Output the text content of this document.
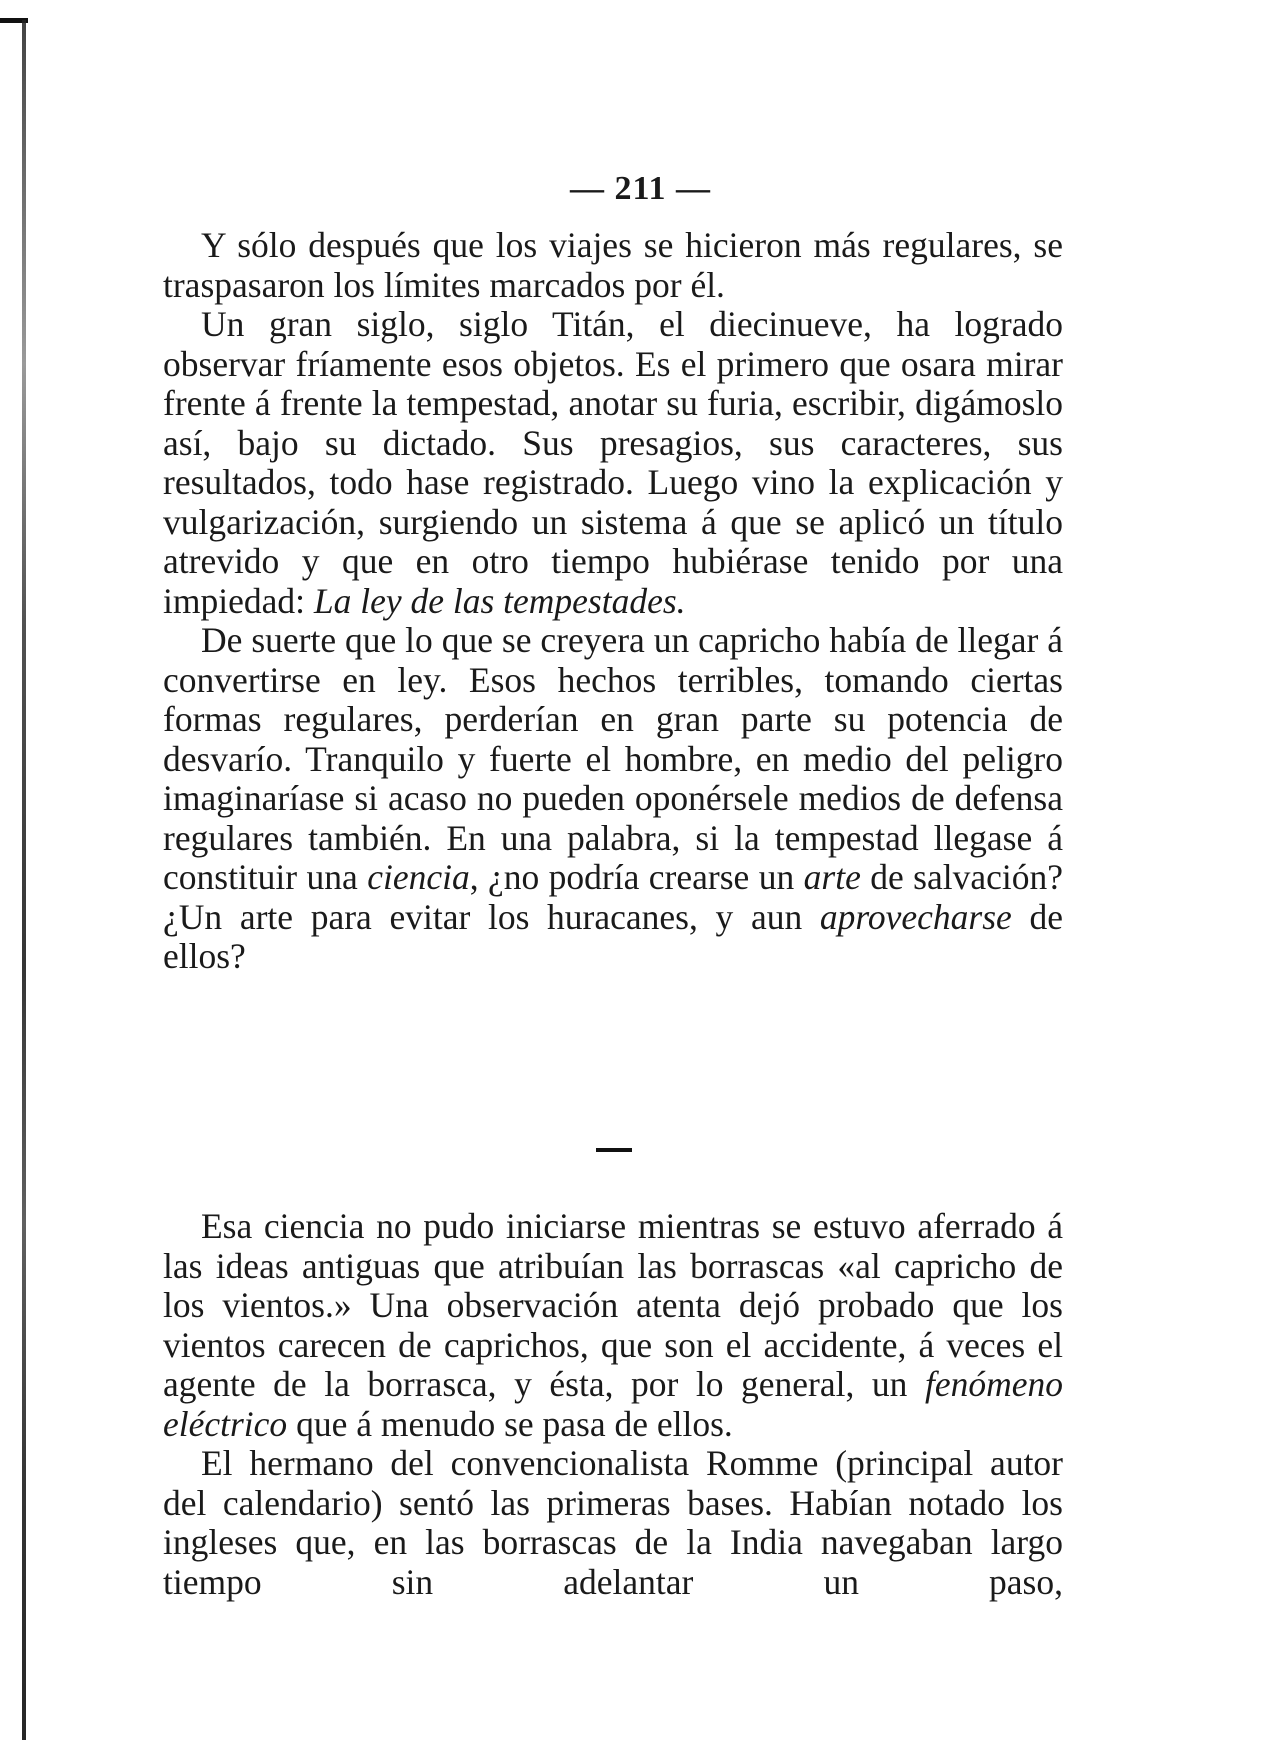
— 211 —

Y sólo después que los viajes se hicieron más regulares, se traspasaron los límites marcados por él.

Un gran siglo, siglo Titán, el diecinueve, ha logrado observar fríamente esos objetos. Es el primero que osara mirar frente á frente la tempestad, anotar su furia, escribir, digámoslo así, bajo su dictado. Sus presagios, sus caracteres, sus resultados, todo hase registrado. Luego vino la explicación y vulgarización, surgiendo un sistema á que se aplicó un título atrevido y que en otro tiempo hubiérase tenido por una impiedad: La ley de las tempestades.

De suerte que lo que se creyera un capricho había de llegar á convertirse en ley. Esos hechos terribles, tomando ciertas formas regulares, perderían en gran parte su potencia de desvarío. Tranquilo y fuerte el hombre, en medio del peligro imaginaríase si acaso no pueden oponérsele medios de defensa regulares también. En una palabra, si la tempestad llegase á constituir una ciencia, ¿no podría crearse un arte de salvación? ¿Un arte para evitar los huracanes, y aun aprovecharse de ellos?

Esa ciencia no pudo iniciarse mientras se estuvo aferrado á las ideas antiguas que atribuían las borrascas «al capricho de los vientos.» Una observación atenta dejó probado que los vientos carecen de caprichos, que son el accidente, á veces el agente de la borrasca, y ésta, por lo general, un fenómeno eléctrico que á menudo se pasa de ellos.

El hermano del convencionalista Romme (principal autor del calendario) sentó las primeras bases. Habían notado los ingleses que, en las borrascas de la India navegaban largo tiempo sin adelantar un paso,
